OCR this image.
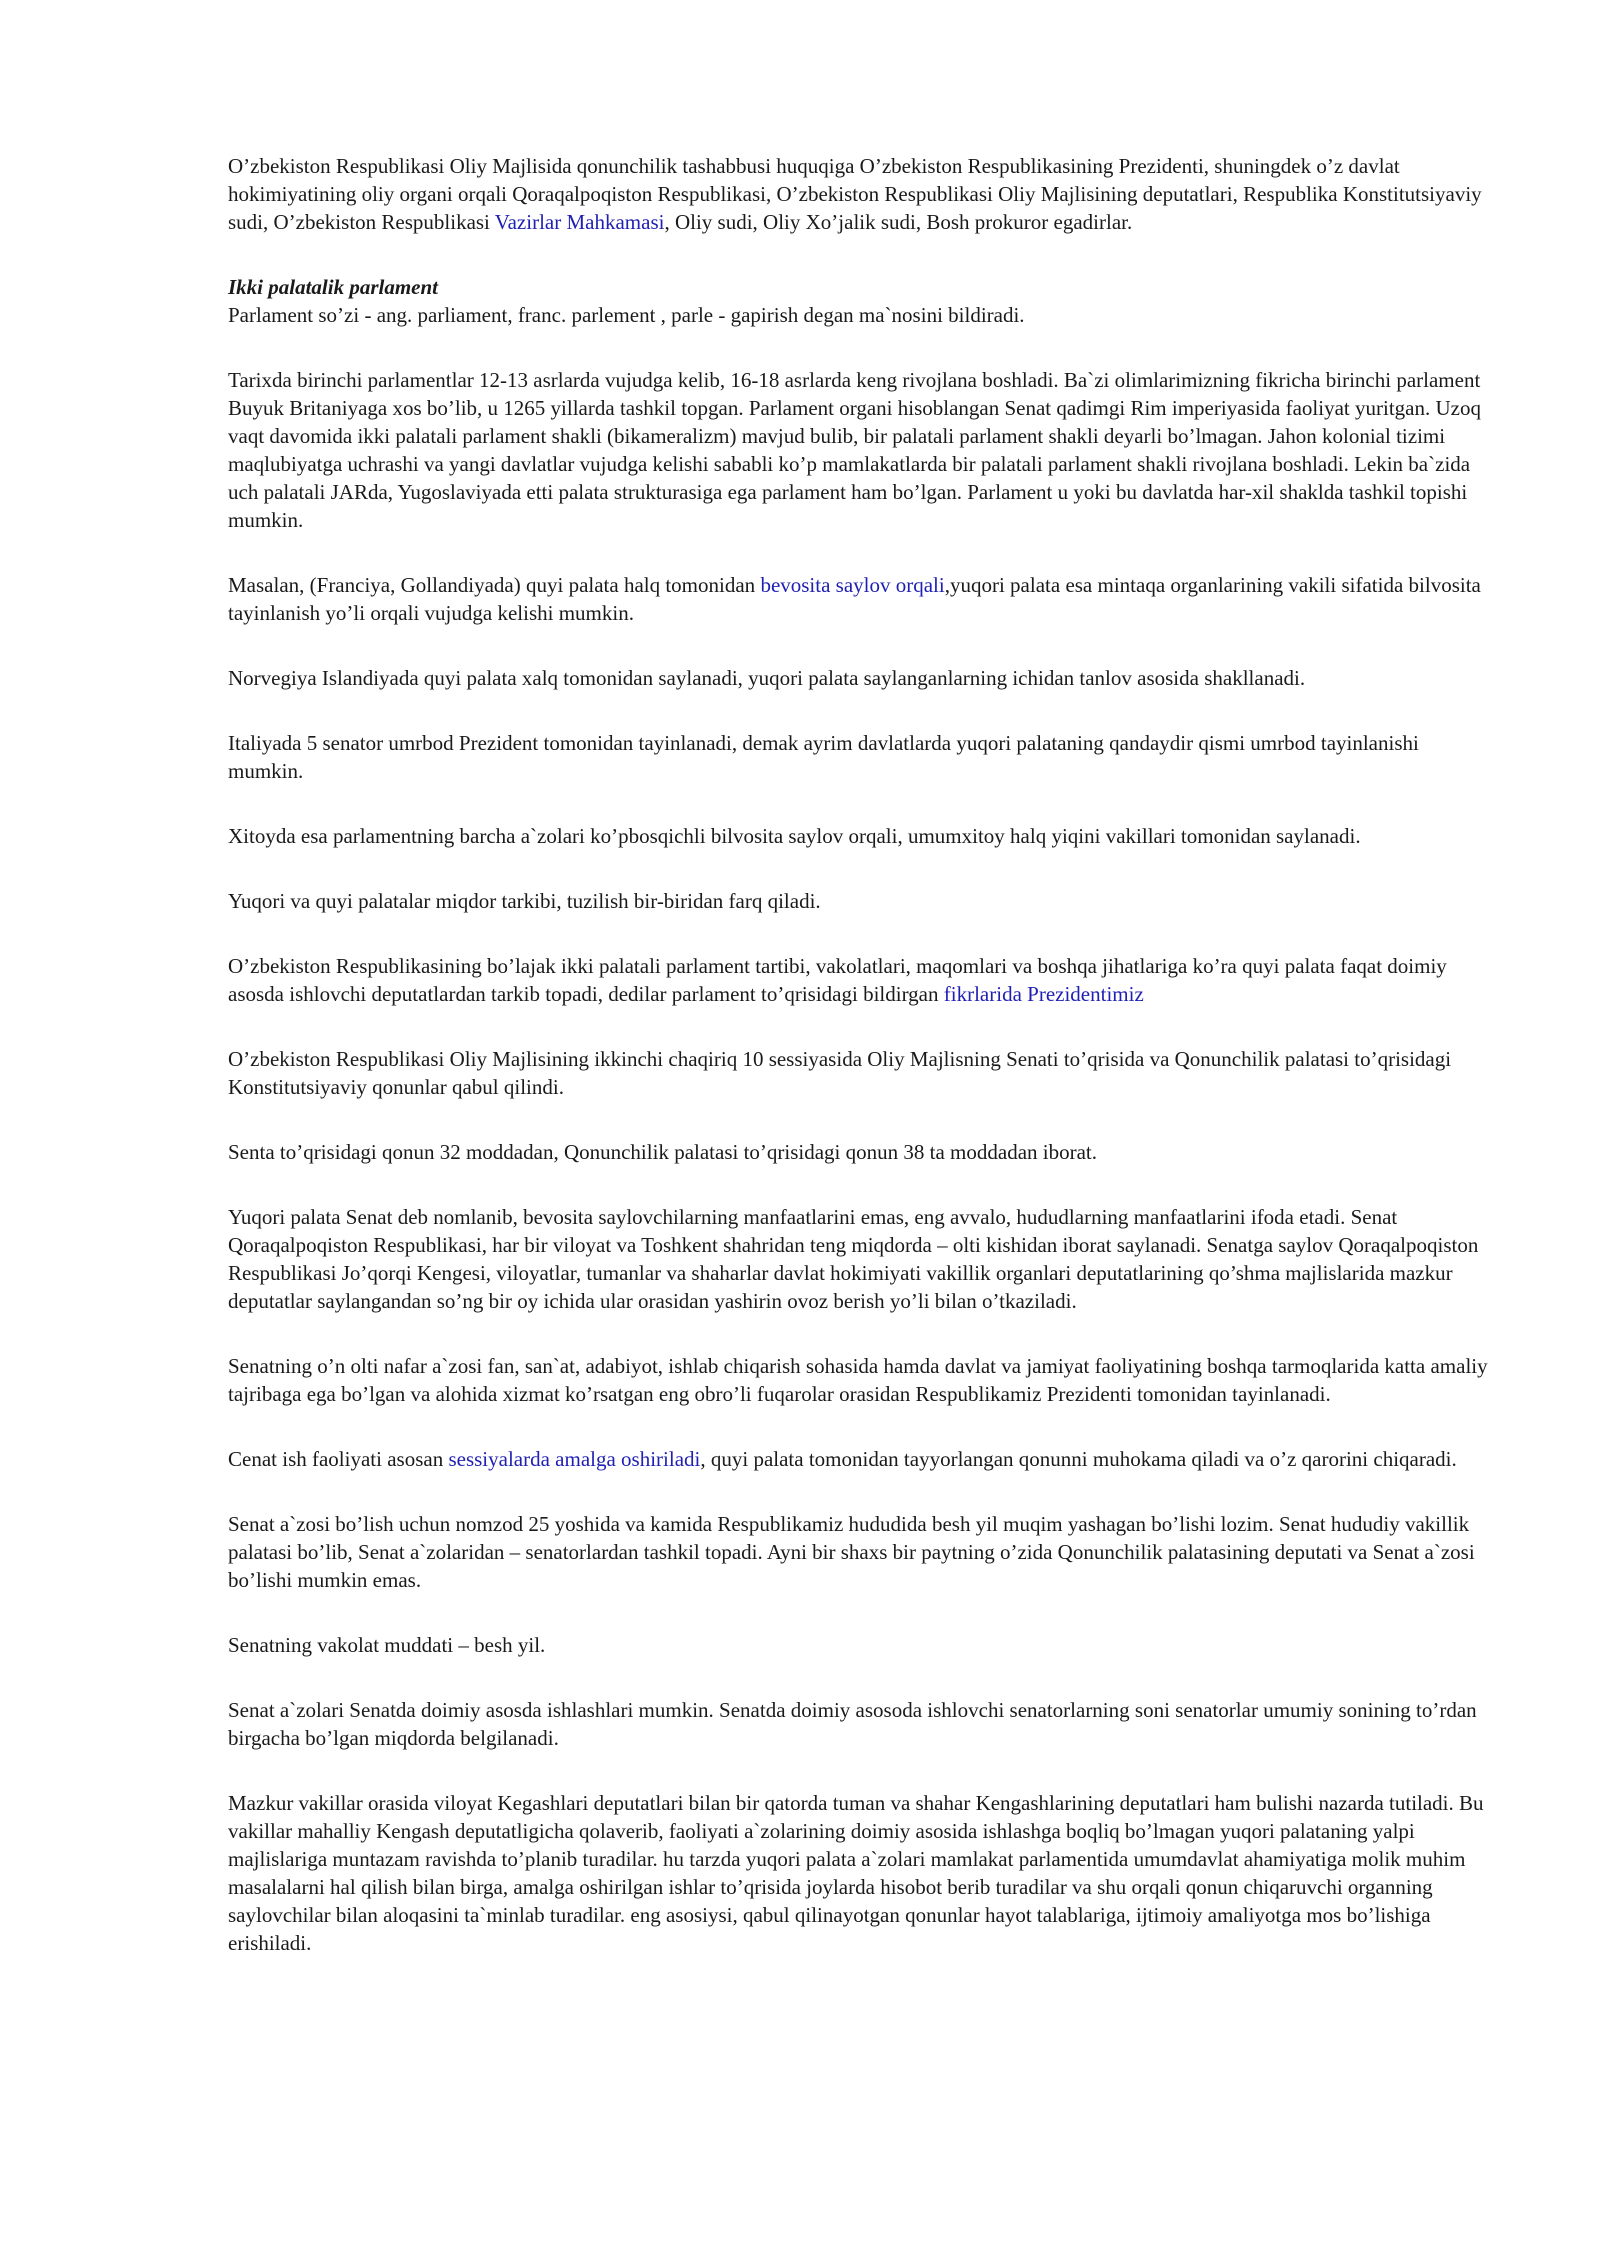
O’zbekiston Respublikasi Oliy Majlisida qonunchilik tashabbusi huquqiga O’zbekiston Respublikasining Prezidenti, shuningdek o’z davlat hokimiyatining oliy organi orqali Qoraqalpoqiston Respublikasi, O’zbekiston Respublikasi Oliy Majlisining deputatlari, Respublika Konstitutsiyaviy sudi, O’zbekiston Respublikasi Vazirlar Mahkamasi, Oliy sudi, Oliy Xo’jalik sudi, Bosh prokuror egadirlar.

Ikki palatalik parlament
Parlament so’zi - ang. parliament, franc. parlement , parle - gapirish degan ma`nosini bildiradi.

Tarixda birinchi parlamentlar 12-13 asrlarda vujudga kelib, 16-18 asrlarda keng rivojlana boshladi. Ba`zi olimlarimizning fikricha birinchi parlament Buyuk Britaniyaga xos bo’lib, u 1265 yillarda tashkil topgan. Parlament organi hisoblangan Senat qadimgi Rim imperiyasida faoliyat yuritgan. Uzoq vaqt davomida ikki palatali parlament shakli (bikameralizm) mavjud bulib, bir palatali parlament shakli deyarli bo’lmagan. Jahon kolonial tizimi maqlubiyatga uchrashi va yangi davlatlar vujudga kelishi sababli ko’p mamlakatlarda bir palatali parlament shakli rivojlana boshladi. Lekin ba`zida uch palatali JARda, Yugoslaviyada etti palata strukturasiga ega parlament ham bo’lgan. Parlament u yoki bu davlatda har-xil shaklda tashkil topishi mumkin.

Masalan, (Franciya, Gollandiyada) quyi palata halq tomonidan bevosita saylov orqali,yuqori palata esa mintaqa organlarining vakili sifatida bilvosita tayinlanish yo’li orqali vujudga kelishi mumkin.

Norvegiya Islandiyada quyi palata xalq tomonidan saylanadi, yuqori palata saylanganlarning ichidan tanlov asosida shakllanadi.

Italiyada 5 senator umrbod Prezident tomonidan tayinlanadi, demak ayrim davlatlarda yuqori palataning qandaydir qismi umrbod tayinlanishi mumkin.

Xitoyda esa parlamentning barcha a`zolari ko’pbosqichli bilvosita saylov orqali, umumxitoy halq yiqini vakillari tomonidan saylanadi.

Yuqori va quyi palatalar miqdor tarkibi, tuzilish bir-biridan farq qiladi.

O’zbekiston Respublikasining bo’lajak ikki palatali parlament tartibi, vakolatlari, maqomlari va boshqa jihatlariga ko’ra quyi palata faqat doimiy asosda ishlovchi deputatlardan tarkib topadi, dedilar parlament to’qrisidagi bildirgan fikrlarida Prezidentimiz

O’zbekiston Respublikasi Oliy Majlisining ikkinchi chaqiriq 10 sessiyasida Oliy Majlisning Senati to’qrisida va Qonunchilik palatasi to’qrisidagi Konstitutsiyaviy qonunlar qabul qilindi.

Senta to’qrisidagi qonun 32 moddadan, Qonunchilik palatasi to’qrisidagi qonun 38 ta moddadan iborat.

Yuqori palata Senat deb nomlanib, bevosita saylovchilarning manfaatlarini emas, eng avvalo, hududlarning manfaatlarini ifoda etadi. Senat Qoraqalpoqiston Respublikasi, har bir viloyat va Toshkent shahridan teng miqdorda – olti kishidan iborat saylanadi. Senatga saylov Qoraqalpoqiston Respublikasi Jo’qorqi Kengesi, viloyatlar, tumanlar va shaharlar davlat hokimiyati vakillik organlari deputatlarining qo’shma majlislarida mazkur deputatlar saylangandan so’ng bir oy ichida ular orasidan yashirin ovoz berish yo’li bilan o’tkaziladi.

Senatning o’n olti nafar a`zosi fan, san`at, adabiyot, ishlab chiqarish sohasida hamda davlat va jamiyat faoliyatining boshqa tarmoqlarida katta amaliy tajribaga ega bo’lgan va alohida xizmat ko’rsatgan eng obro’li fuqarolar orasidan Respublikamiz Prezidenti tomonidan tayinlanadi.

Cenat ish faoliyati asosan sessiyalarda amalga oshiriladi, quyi palata tomonidan tayyorlangan qonunni muhokama qiladi va o’z qarorini chiqaradi.

Senat a`zosi bo’lish uchun nomzod 25 yoshida va kamida Respublikamiz hududida besh yil muqim yashagan bo’lishi lozim. Senat hududiy vakillik palatasi bo’lib, Senat a`zolaridan – senatorlardan tashkil topadi. Ayni bir shaxs bir paytning o’zida Qonunchilik palatasining deputati va Senat a`zosi bo’lishi mumkin emas.

Senatning vakolat muddati – besh yil.

Senat a`zolari Senatda doimiy asosda ishlashlari mumkin. Senatda doimiy asosoda ishlovchi senatorlarning soni senatorlar umumiy sonining to’rdan birgacha bo’lgan miqdorda belgilanadi.

Mazkur vakillar orasida viloyat Kegashlari deputatlari bilan bir qatorda tuman va shahar Kengashlarining deputatlari ham bulishi nazarda tutiladi. Bu vakillar mahalliy Kengash deputatligicha qolaverib, faoliyati a`zolarining doimiy asosida ishlashga boqliq bo’lmagan yuqori palataning yalpi majlislariga muntazam ravishda to’planib turadilar. hu tarzda yuqori palata a`zolari mamlakat parlamentida umumdavlat ahamiyatiga molik muhim masalalarni hal qilish bilan birga, amalga oshirilgan ishlar to’qrisida joylarda hisobot berib turadilar va shu orqali qonun chiqaruvchi organning saylovchilar bilan aloqasini ta`minlab turadilar. eng asosiysi, qabul qilinayotgan qonunlar hayot talablariga, ijtimoiy amaliyotga mos bo’lishiga erishiladi.
